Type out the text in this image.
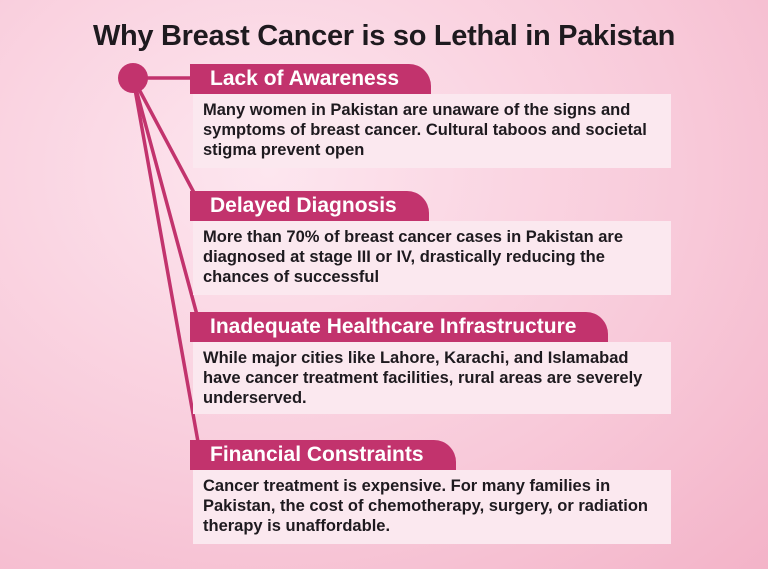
Why Breast Cancer is so Lethal in Pakistan
Lack of Awareness
Many women in Pakistan are unaware of the signs and symptoms of breast cancer. Cultural taboos and societal stigma prevent open
Delayed Diagnosis
More than 70% of breast cancer cases in Pakistan are diagnosed at stage III or IV, drastically reducing the chances of successful
Inadequate Healthcare Infrastructure
While major cities like Lahore, Karachi, and Islamabad have cancer treatment facilities, rural areas are severely underserved.
Financial Constraints
Cancer treatment is expensive. For many families in Pakistan, the cost of chemotherapy, surgery, or radiation therapy is unaffordable.
